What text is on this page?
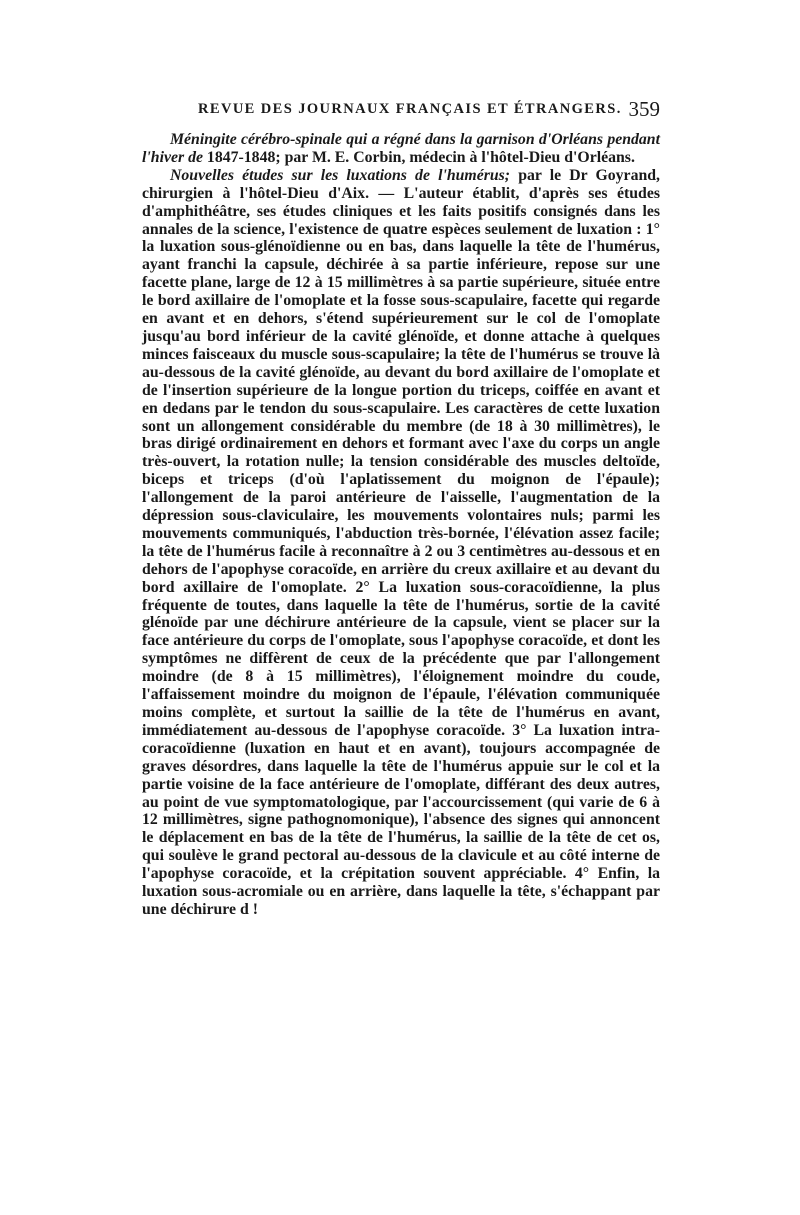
REVUE DES JOURNAUX FRANÇAIS ET ÉTRANGERS. 359

Méningite cérébro-spinale qui a régné dans la garnison d'Orléans pendant l'hiver de 1847-1848; par M. E. Corbin, médecin à l'hôtel-Dieu d'Orléans.

Nouvelles études sur les luxations de l'humérus; par le Dr Goyrand, chirurgien à l'hôtel-Dieu d'Aix. — L'auteur établit, d'après ses études d'amphithéâtre, ses études cliniques et les faits positifs consignés dans les annales de la science, l'existence de quatre espèces seulement de luxation : 1° la luxation sous-glénoïdienne ou en bas, dans laquelle la tête de l'humérus, ayant franchi la capsule, déchirée à sa partie inférieure, repose sur une facette plane, large de 12 à 15 millimètres à sa partie supérieure, située entre le bord axillaire de l'omoplate et la fosse sous-scapulaire, facette qui regarde en avant et en dehors, s'étend supérieurement sur le col de l'omoplate jusqu'au bord inférieur de la cavité glénoïde, et donne attache à quelques minces faisceaux du muscle sous-scapulaire; la tête de l'humérus se trouve là au-dessous de la cavité glénoïde, au devant du bord axillaire de l'omoplate et de l'insertion supérieure de la longue portion du triceps, coiffée en avant et en dedans par le tendon du sous-scapulaire. Les caractères de cette luxation sont un allongement considérable du membre (de 18 à 30 millimètres), le bras dirigé ordinairement en dehors et formant avec l'axe du corps un angle très-ouvert, la rotation nulle; la tension considérable des muscles deltoïde, biceps et triceps (d'où l'aplatissement du moignon de l'épaule); l'allongement de la paroi antérieure de l'aisselle, l'augmentation de la dépression sous-claviculaire, les mouvements volontaires nuls; parmi les mouvements communiqués, l'abduction très-bornée, l'élévation assez facile; la tête de l'humérus facile à reconnaître à 2 ou 3 centimètres au-dessous et en dehors de l'apophyse coracoïde, en arrière du creux axillaire et au devant du bord axillaire de l'omoplate. 2° La luxation sous-coracoïdienne, la plus fréquente de toutes, dans laquelle la tête de l'humérus, sortie de la cavité glénoïde par une déchirure antérieure de la capsule, vient se placer sur la face antérieure du corps de l'omoplate, sous l'apophyse coracoïde, et dont les symptômes ne diffèrent de ceux de la précédente que par l'allongement moindre (de 8 à 15 millimètres), l'éloignement moindre du coude, l'affaissement moindre du moignon de l'épaule, l'élévation communiquée moins complète, et surtout la saillie de la tête de l'humérus en avant, immédiatement au-dessous de l'apophyse coracoïde. 3° La luxation intra-coracoïdienne (luxation en haut et en avant), toujours accompagnée de graves désordres, dans laquelle la tête de l'humérus appuie sur le col et la partie voisine de la face antérieure de l'omoplate, différant des deux autres, au point de vue symptomatologique, par l'accourcissement (qui varie de 6 à 12 millimètres, signe pathognomonique), l'absence des signes qui annoncent le déplacement en bas de la tête de l'humérus, la saillie de la tête de cet os, qui soulève le grand pectoral au-dessous de la clavicule et au côté interne de l'apophyse coracoïde, et la crépitation souvent appréciable. 4° Enfin, la luxation sous-acromiale ou en arrière, dans laquelle la tête, s'échappant par une déchirure d !
